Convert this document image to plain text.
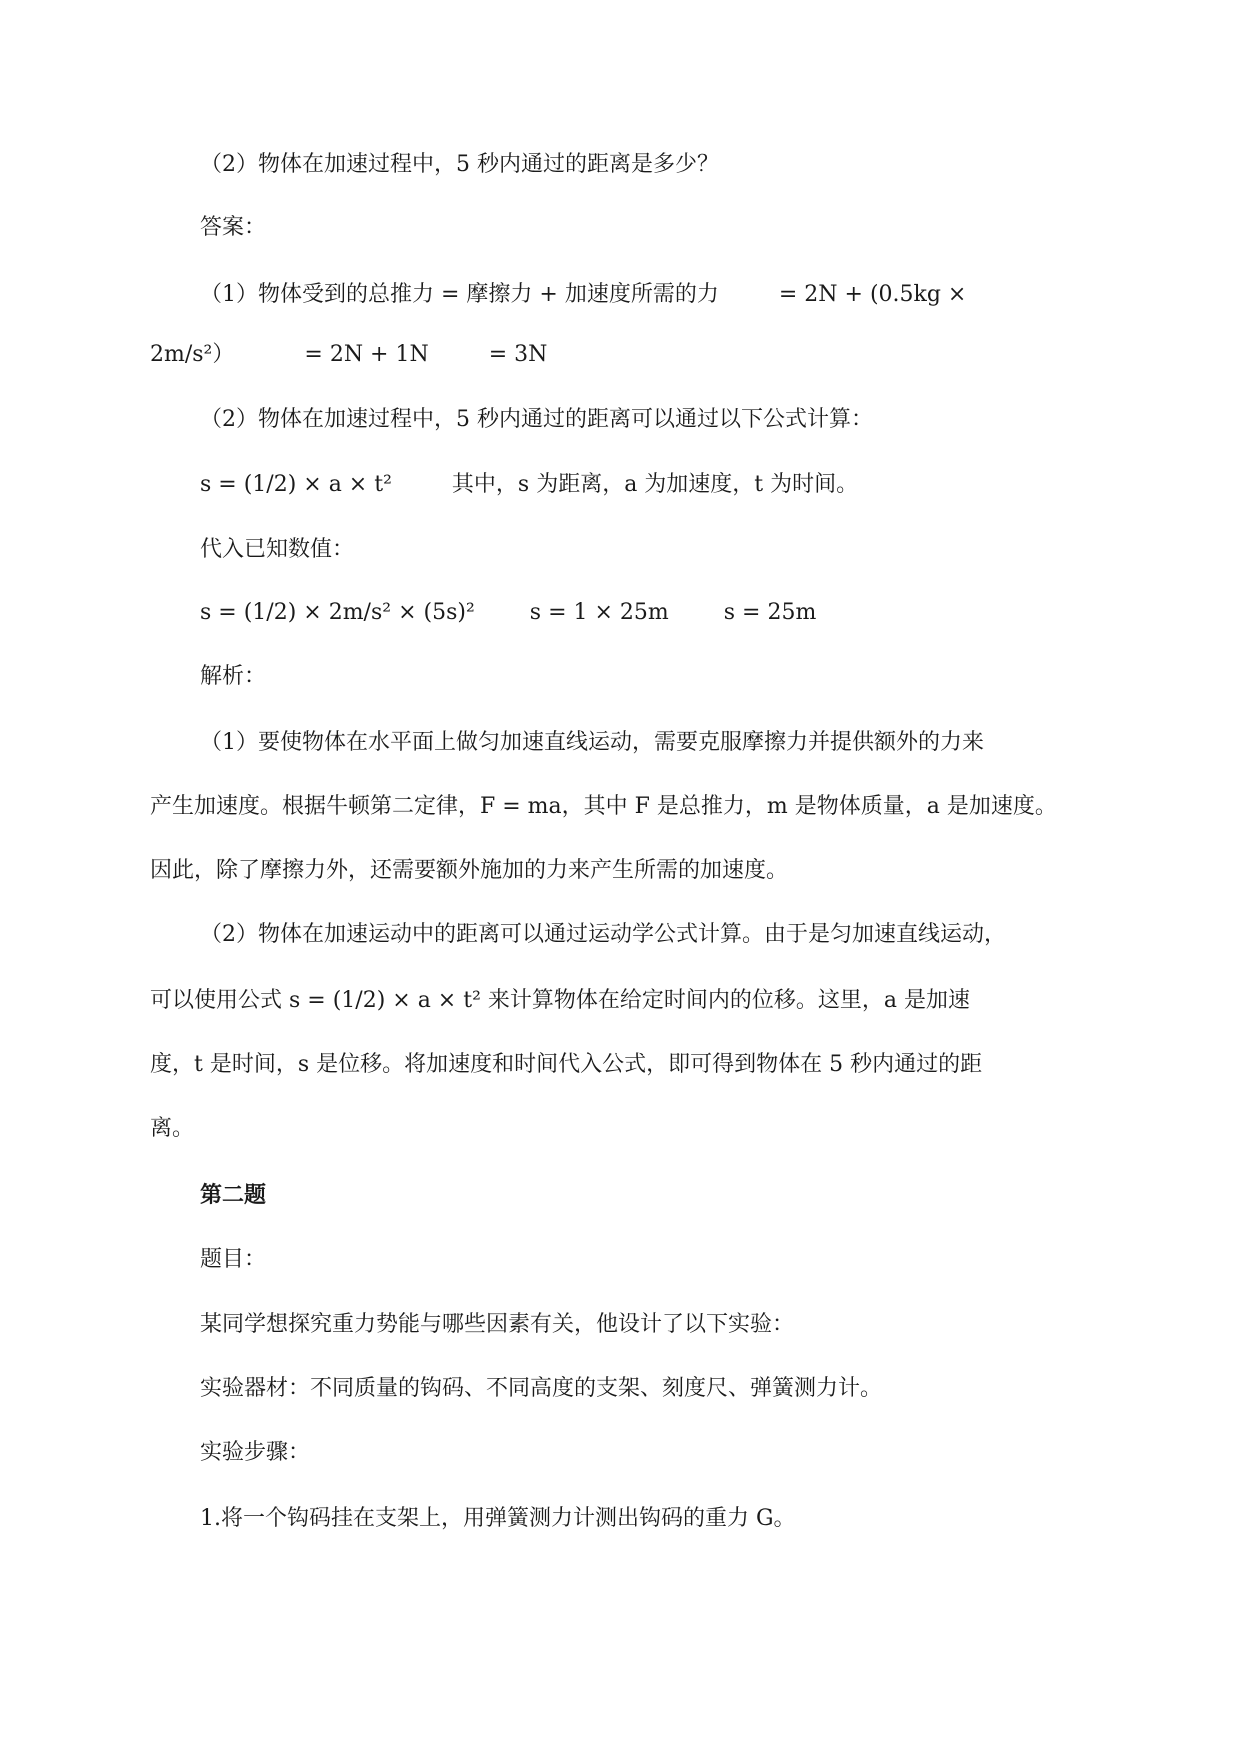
（2）物体在加速过程中，5 秒内通过的距离是多少？
答案：
（1）物体受到的总推力 = 摩擦力 + 加速度所需的力	= 2N + (0.5kg ×
2m/s²）	= 2N + 1N	= 3N
（2）物体在加速过程中，5 秒内通过的距离可以通过以下公式计算：
s = (1/2) × a × t²	其中，s 为距离，a 为加速度，t 为时间。
代入已知数值：
s = (1/2) × 2m/s² × (5s)²	s = 1 × 25m	s = 25m
解析：
（1）要使物体在水平面上做匀加速直线运动，需要克服摩擦力并提供额外的力来
产生加速度。根据牛顿第二定律，F = ma，其中 F 是总推力，m 是物体质量，a 是加速度。
因此，除了摩擦力外，还需要额外施加的力来产生所需的加速度。
（2）物体在加速运动中的距离可以通过运动学公式计算。由于是匀加速直线运动，
可以使用公式 s = (1/2) × a × t² 来计算物体在给定时间内的位移。这里，a 是加速
度，t 是时间，s 是位移。将加速度和时间代入公式，即可得到物体在 5 秒内通过的距
离。
第二题
题目：
某同学想探究重力势能与哪些因素有关，他设计了以下实验：
实验器材：不同质量的钩码、不同高度的支架、刻度尺、弹簧测力计。
实验步骤：
1.将一个钩码挂在支架上，用弹簧测力计测出钩码的重力 G。
